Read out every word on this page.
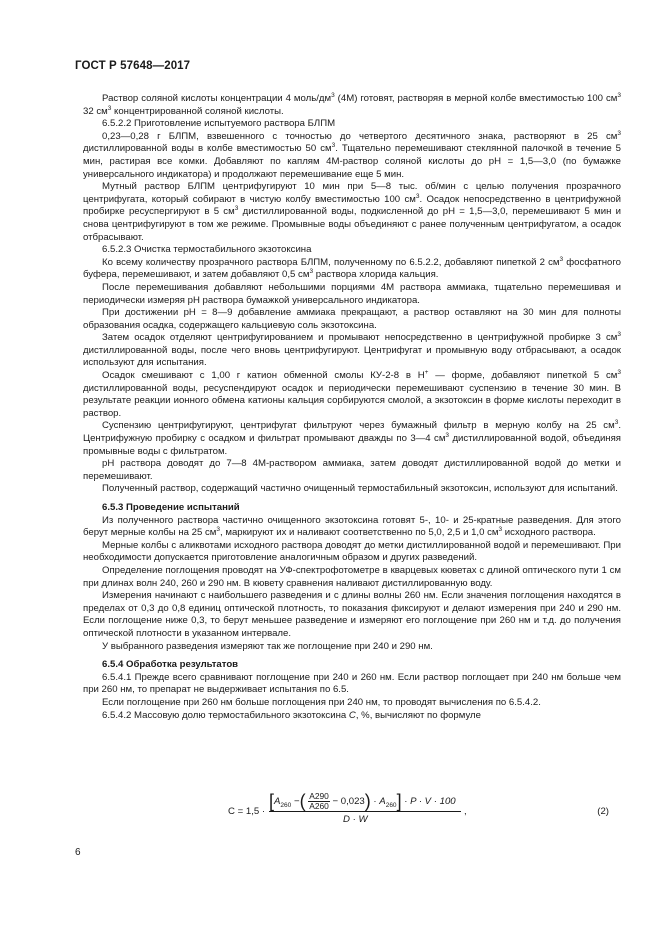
ГОСТ Р 57648—2017

Раствор соляной кислоты концентрации 4 моль/$дм^3$ (4М) готовят, растворяя в мерной колбе вместимостью 100 $см^3$ 32 $см^3$ концентрированной соляной кислоты.

6.5.2.2 Приготовление испытуемого раствора БЛПМ

0,23—0,28 г БЛПМ, взвешенного с точностью до четвертого десятичного знака, растворяют в 25 $см^3$ дистиллированной воды в колбе вместимостью 50 $см^3$. Тщательно перемешивают стеклянной палочкой в течение 5 мин, растирая все комки. Добавляют по каплям 4М-раствор соляной кислоты до рН = 1,5—3,0 (по бумажке универсального индикатора) и продолжают перемешивание еще 5 мин.

Мутный раствор БЛПМ центрифугируют 10 мин при 5—8 тыс. об/мин с целью получения прозрачного центрифугата, который собирают в чистую колбу вместимостью 100 $см^3$. Осадок непосредственно в центрифужной пробирке ресуспергируют в 5 $см^3$ дистиллированной воды, подкисленной до рН = 1,5—3,0, перемешивают 5 мин и снова центрифугируют в том же режиме. Промывные воды объединяют с ранее полученным центрифугатом, а осадок отбрасывают.

6.5.2.3 Очистка термостабильного экзотоксина

Ко всему количеству прозрачного раствора БЛПМ, полученному по 6.5.2.2, добавляют пипеткой 2 $см^3$ фосфатного буфера, перемешивают, и затем добавляют 0,5 $см^3$ раствора хлорида кальция.

После перемешивания добавляют небольшими порциями 4М раствора аммиака, тщательно перемешивая и периодически измеряя рН раствора бумажкой универсального индикатора.

При достижении рН = 8—9 добавление аммиака прекращают, а раствор оставляют на 30 мин для полноты образования осадка, содержащего кальциевую соль экзотоксина.

Затем осадок отделяют центрифугированием и промывают непосредственно в центрифужной пробирке 3 $см^3$ дистиллированной воды, после чего вновь центрифугируют. Центрифугат и промывную воду отбрасывают, а осадок используют для испытания.

Осадок смешивают с 1,00 г катион обменной смолы КУ-2-8 в Н+ — форме, добавляют пипеткой 5 $см^3$ дистиллированной воды, ресуспендируют осадок и периодически перемешивают суспензию в течение 30 мин. В результате реакции ионного обмена катионы кальция сорбируются смолой, а экзотоксин в форме кислоты переходит в раствор.

Суспензию центрифугируют, центрифугат фильтруют через бумажный фильтр в мерную колбу на 25 $см^3$. Центрифужную пробирку с осадком и фильтрат промывают дважды по 3—4 $см^3$ дистиллированной водой, объединяя промывные воды с фильтратом.

рН раствора доводят до 7—8 4М-раствором аммиака, затем доводят дистиллированной водой до метки и перемешивают.

Полученный раствор, содержащий частично очищенный термостабильный экзотоксин, используют для испытаний.

6.5.3 Проведение испытаний

Из полученного раствора частично очищенного экзотоксина готовят 5-, 10- и 25-кратные разведения. Для этого берут мерные колбы на 25 $см^3$, маркируют их и наливают соответственно по 5,0, 2,5 и 1,0 $см^3$ исходного раствора.

Мерные колбы с аликвотами исходного раствора доводят до метки дистиллированной водой и перемешивают. При необходимости допускается приготовление аналогичным образом и других разведений.

Определение поглощения проводят на УФ-спектрофотометре в кварцевых кюветах с длиной оптического пути 1 см при длинах волн 240, 260 и 290 нм. В кювету сравнения наливают дистиллированную воду.

Измерения начинают с наибольшего разведения и с длины волны 260 нм. Если значения поглощения находятся в пределах от 0,3 до 0,8 единиц оптической плотность, то показания фиксируют и делают измерения при 240 и 290 нм. Если поглощение ниже 0,3, то берут меньшее разведение и измеряют его поглощение при 260 нм и т.д. до получения оптической плотности в указанном интервале.

У выбранного разведения измеряют так же поглощение при 240 и 290 нм.

6.5.4 Обработка результатов

6.5.4.1 Прежде всего сравнивают поглощение при 240 и 260 нм. Если раствор поглощает при 240 нм больше чем при 260 нм, то препарат не выдерживает испытания по 6.5.

Если поглощение при 260 нм больше поглощения при 240 нм, то проводят вычисления по 6.5.4.2.

6.5.4.2 Массовую долю термостабильного экзотоксина C, %, вычисляют по формуле

C = 1,5 ·
[$A_{260}$ −( $\frac{A290}{A260} - 0,023) \cdot A_{260}] \cdot P \cdot V \cdot 100$
D · W
,	(2)
6
